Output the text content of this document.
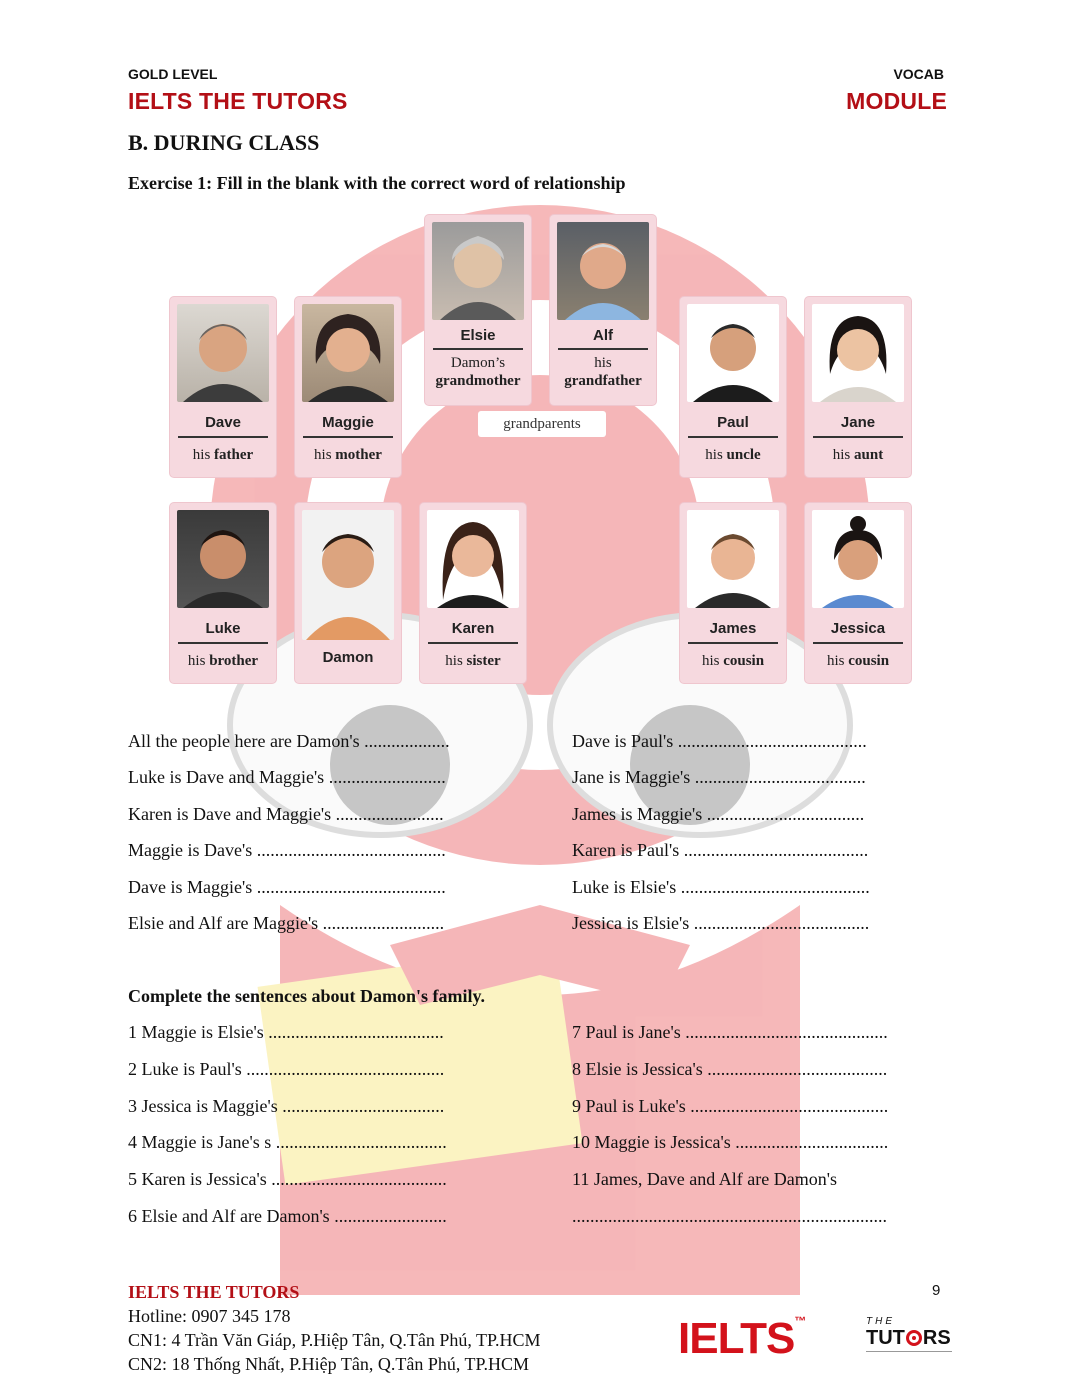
GOLD LEVEL
IELTS THE TUTORS
VOCAB
MODULE
B. DURING CLASS
Exercise 1: Fill in the blank with the correct word of relationship
Elsie
Damon’s
grandmother
Alf
his
grandfather
Dave
his father
Maggie
his mother
Paul
his uncle
Jane
his aunt
grandparents
Luke
his brother	Damon
Karen
his sister
James
his cousin
Jessica
his cousin
All the people here are Damon's ...................
Luke is Dave and Maggie's ..........................
Karen is Dave and Maggie's ........................
Maggie is Dave's ..........................................
Dave is Maggie's ..........................................
Elsie and Alf are Maggie's ...........................
Dave is Paul's ..........................................
Jane is Maggie's ......................................
James is Maggie's ...................................
Karen is Paul's .........................................
Luke is Elsie's ..........................................
Jessica is Elsie's .......................................
Complete the sentences about Damon's family.
1 Maggie is Elsie's .......................................
2 Luke is Paul's ............................................
3 Jessica is Maggie's ....................................
4 Maggie is Jane's s ......................................
5 Karen is Jessica's .......................................
6 Elsie and Alf are Damon's .........................
7 Paul is Jane's .............................................
8 Elsie is Jessica's ........................................
9 Paul is Luke's ............................................
10 Maggie is Jessica's ..................................
11 James, Dave and Alf are Damon's
......................................................................
IELTS THE TUTORS
Hotline: 0907 345 178
CN1: 4 Trần Văn Giáp, P.Hiệp Tân, Q.Tân Phú, TP.HCM
CN2: 18 Thống Nhất, P.Hiệp Tân, Q.Tân Phú, TP.HCM
9
IELTS™	THE
TUT RS
